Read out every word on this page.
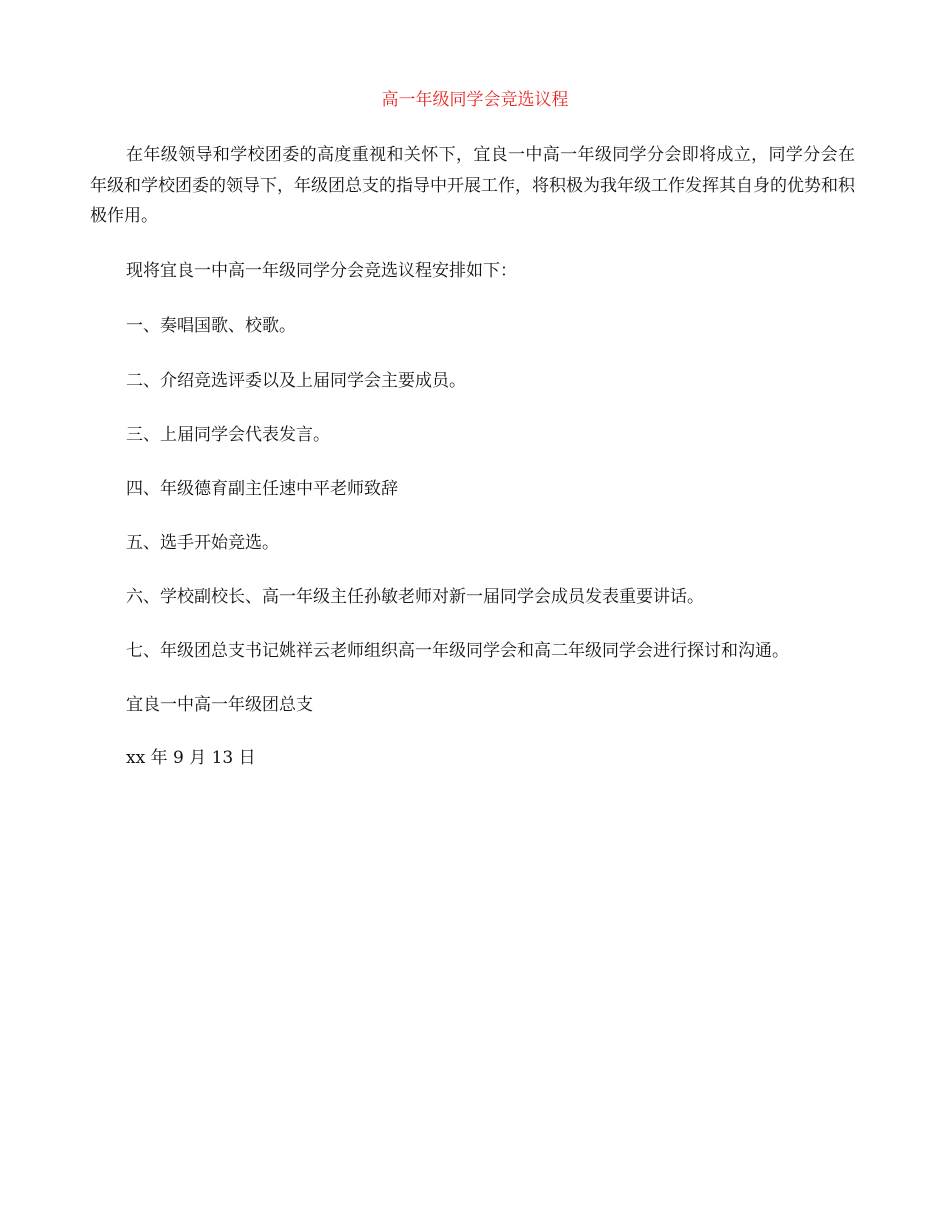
高一年级同学会竞选议程

在年级领导和学校团委的高度重视和关怀下，宜良一中高一年级同学分会即将成立，同学分会在年级和学校团委的领导下，年级团总支的指导中开展工作，将积极为我年级工作发挥其自身的优势和积极作用。

现将宜良一中高一年级同学分会竞选议程安排如下：

一、奏唱国歌、校歌。

二、介绍竞选评委以及上届同学会主要成员。

三、上届同学会代表发言。

四、年级德育副主任速中平老师致辞

五、选手开始竞选。

六、学校副校长、高一年级主任孙敏老师对新一届同学会成员发表重要讲话。

七、年级团总支书记姚祥云老师组织高一年级同学会和高二年级同学会进行探讨和沟通。

宜良一中高一年级团总支

xx 年 9 月 13 日
